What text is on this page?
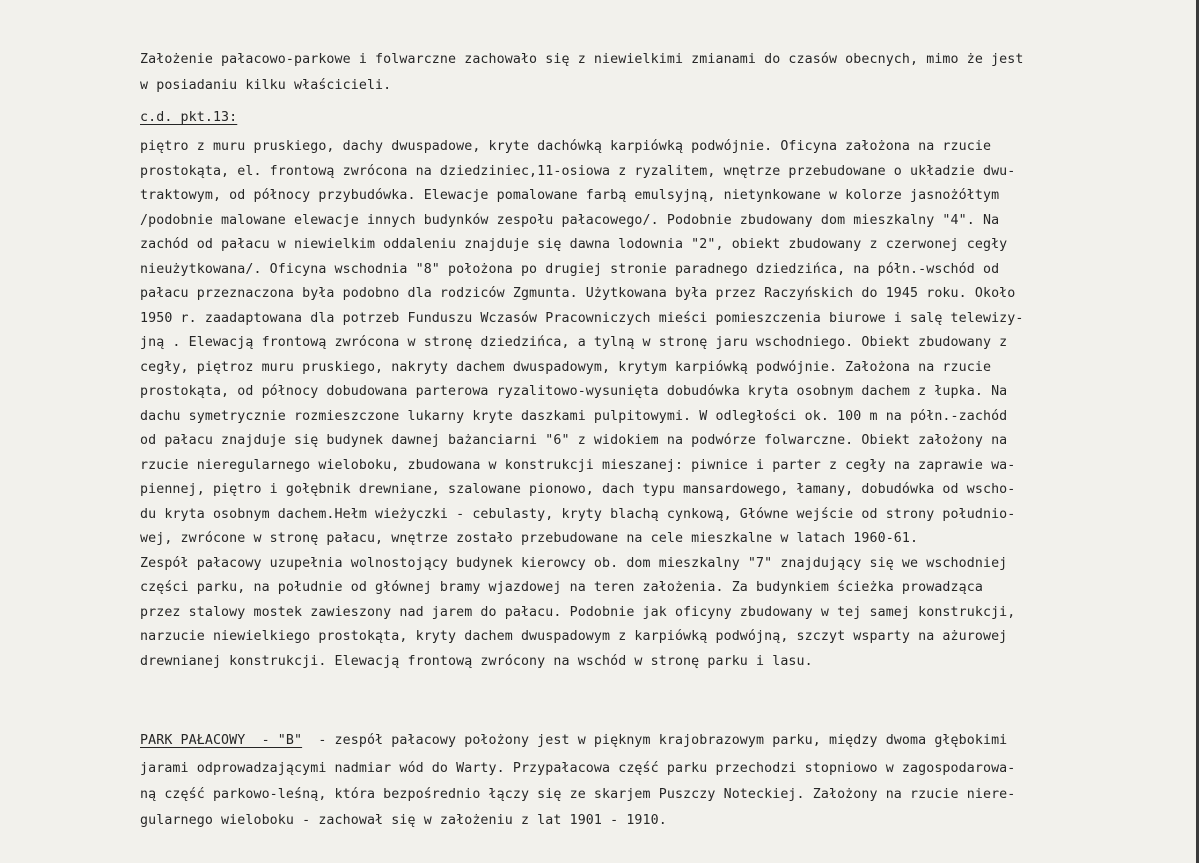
Założenie pałacowo-parkowe i folwarczne zachowało się z niewielkimi zmianami do czasów obecnych, mimo że jest
w posiadaniu kilku właścicieli.
c.d. pkt.13:
piętro z muru pruskiego, dachy dwuspadowe, kryte dachówką karpiówką podwójnie. Oficyna założona na rzucie
prostokąta, el. frontową zwrócona na dziedziniec,11-osiowa z ryzalitem, wnętrze przebudowane o układzie dwu-
traktowym, od północy przybudówka. Elewacje pomalowane farbą emulsyjną, nietynkowane w kolorze jasnożółtym
/podobnie malowane elewacje innych budynków zespołu pałacowego/. Podobnie zbudowany dom mieszkalny "4". Na
zachód od pałacu w niewielkim oddaleniu znajduje się dawna lodownia "2", obiekt zbudowany z czerwonej cegły
nieużytkowana/. Oficyna wschodnia "8" położona po drugiej stronie paradnego dziedzińca, na półn.-wschód od
pałacu przeznaczona była podobno dla rodziców Zgmunta. Użytkowana była przez Raczyńskich do 1945 roku. Około
1950 r. zaadaptowana dla potrzeb Funduszu Wczasów Pracowniczych mieści pomieszczenia biurowe i salę telewizy-
jną . Elewacją frontową zwrócona w stronę dziedzińca, a tylną w stronę jaru wschodniego. Obiekt zbudowany z
cegły, piętroz muru pruskiego, nakryty dachem dwuspadowym, krytym karpiówką podwójnie. Założona na rzucie
prostokąta, od północy dobudowana parterowa ryzalitowo-wysunięta dobudówka kryta osobnym dachem z łupka. Na
dachu symetrycznie rozmieszczone lukarny kryte daszkami pulpitowymi. W odległości ok. 100 m na półn.-zachód
od pałacu znajduje się budynek dawnej bażanciarni "6" z widokiem na podwórze folwarczne. Obiekt założony na
rzucie nieregularnego wieloboku, zbudowana w konstrukcji mieszanej: piwnice i parter z cegły na zaprawie wa-
piennej, piętro i gołębnik drewniane, szalowane pionowo, dach typu mansardowego, łamany, dobudówka od wscho-
du kryta osobnym dachem.Hełm wieżyczki - cebulasty, kryty blachą cynkową, Główne wejście od strony południo-
wej, zwrócone w stronę pałacu, wnętrze zostało przebudowane na cele mieszkalne w latach 1960-61.
Zespół pałacowy uzupełnia wolnostojący budynek kierowcy ob. dom mieszkalny "7" znajdujący się we wschodniej
części parku, na południe od głównej bramy wjazdowej na teren założenia. Za budynkiem ścieżka prowadząca
przez stalowy mostek zawieszony nad jarem do pałacu. Podobnie jak oficyny zbudowany w tej samej konstrukcji,
narzucie niewielkiego prostokąta, kryty dachem dwuspadowym z karpiówką podwójną, szczyt wsparty na ażurowej
drewnianej konstrukcji. Elewacją frontową zwrócony na wschód w stronę parku i lasu.
PARK PAŁACOWY  - "B"  - zespół pałacowy położony jest w pięknym krajobrazowym parku, między dwoma głębokimi
jarami odprowadzającymi nadmiar wód do Warty. Przypałacowa część parku przechodzi stopniowo w zagospodarowa-
ną część parkowo-leśną, która bezpośrednio łączy się ze skarjem Puszczy Noteckiej. Założony na rzucie niere-
gularnego wieloboku - zachował się w założeniu z lat 1901 - 1910.
